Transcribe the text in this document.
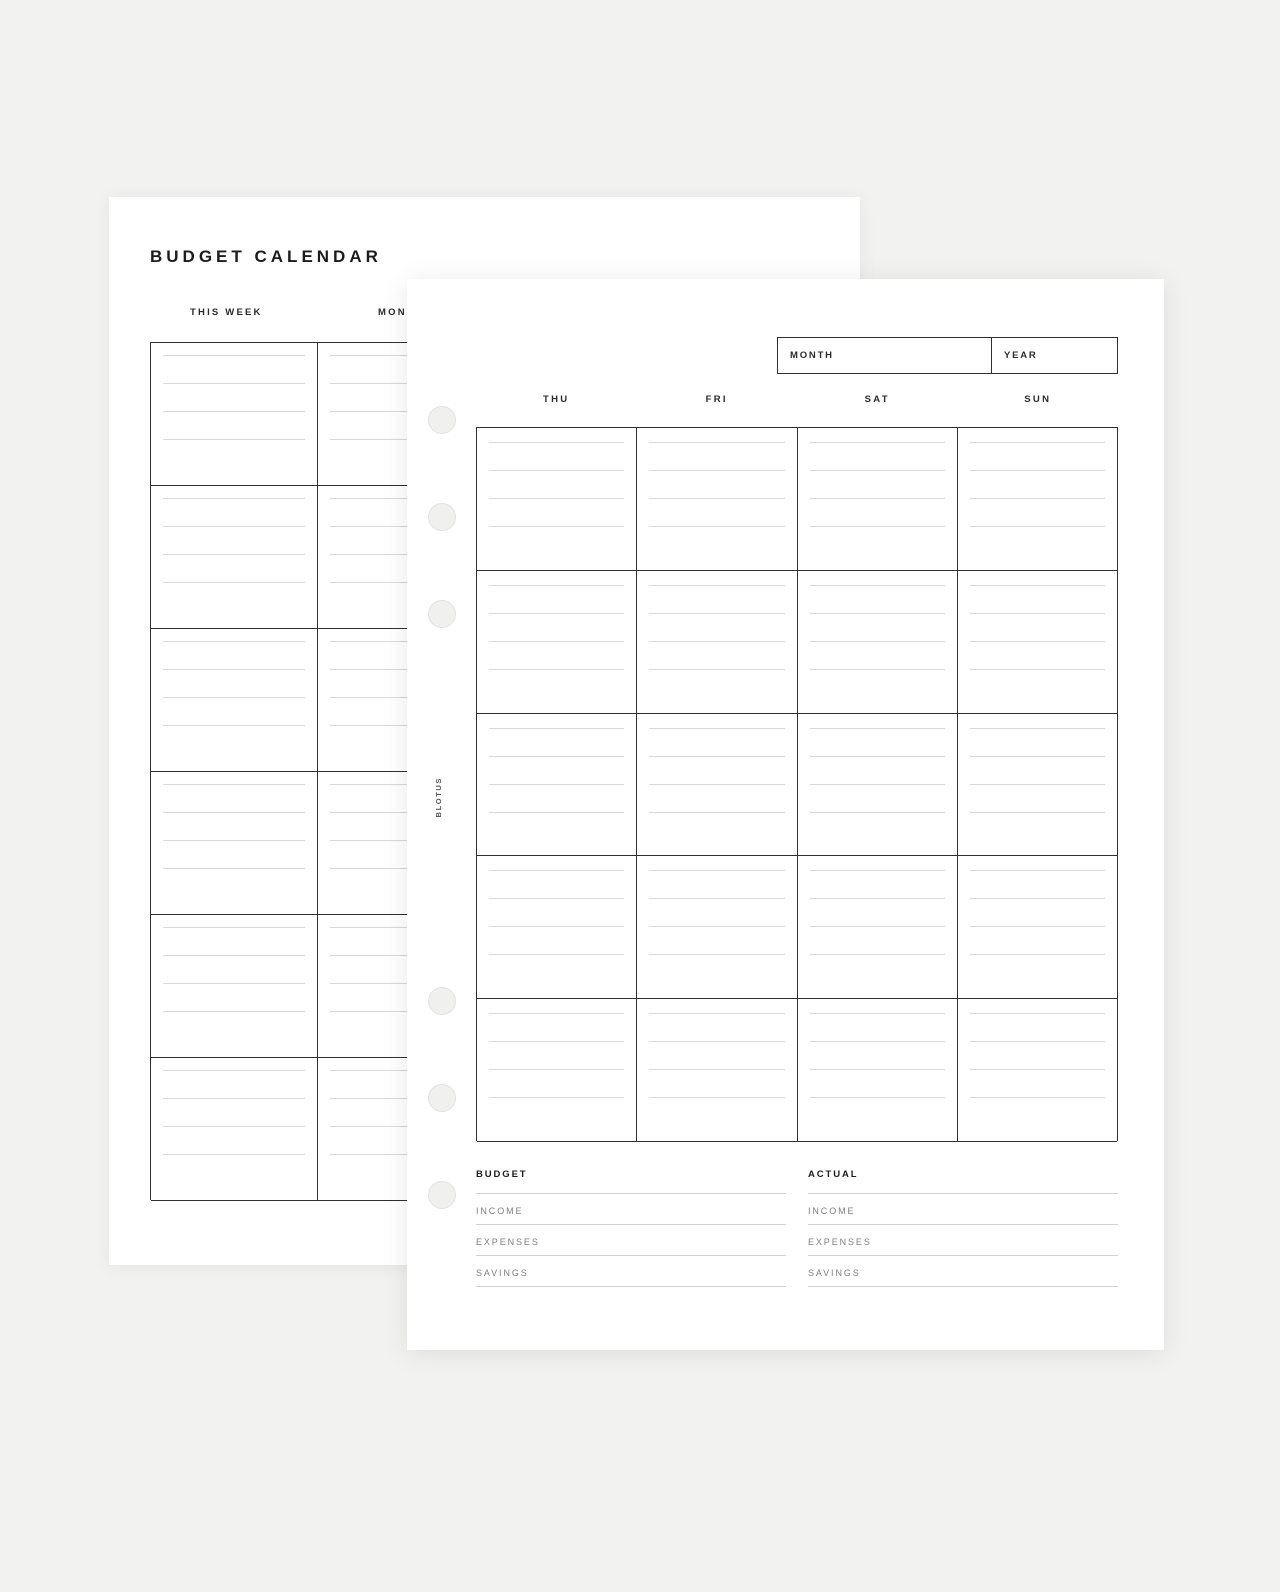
BUDGET CALENDAR
THIS WEEK	MON
BLOTUS
MONTH	YEAR
THU	FRI	SAT	SUN
BUDGET
INCOME
EXPENSES
SAVINGS
ACTUAL
INCOME
EXPENSES
SAVINGS
